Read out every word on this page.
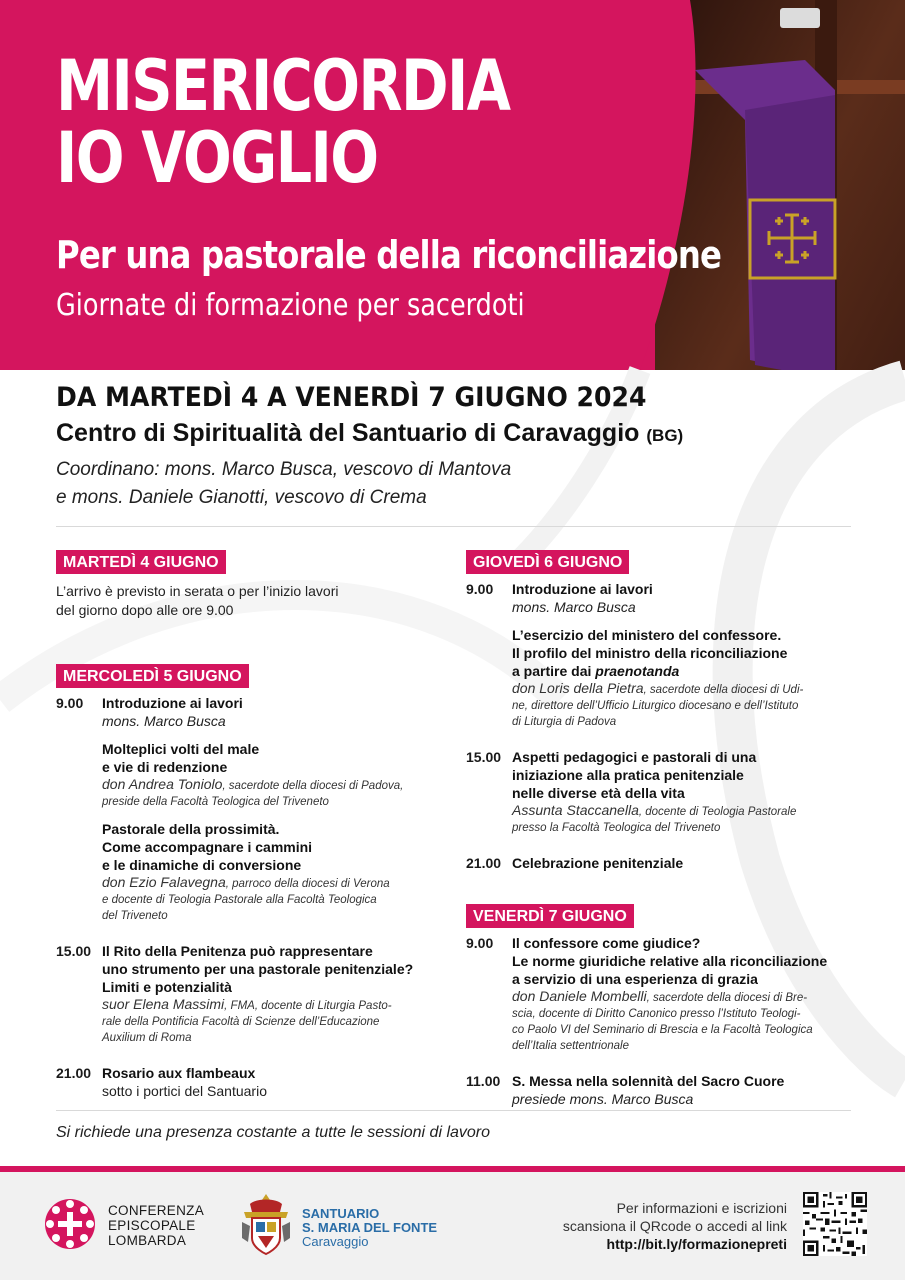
MISERICORDIA
IO VOGLIO
Per una pastorale della riconciliazione
Giornate di formazione per sacerdoti
DA MARTEDÌ 4 A VENERDÌ 7 GIUGNO 2024
Centro di Spiritualità del Santuario di Caravaggio (BG)
Coordinano: mons. Marco Busca, vescovo di Mantova
e mons. Daniele Gianotti, vescovo di Crema
MARTEDÌ 4 GIUGNO
L’arrivo è previsto in serata o per l’inizio lavori
del giorno dopo alle ore 9.00
MERCOLEDÌ 5 GIUGNO
9.00 Introduzione ai lavori
mons. Marco Busca
Molteplici volti del male
e vie di redenzione
don Andrea Toniolo, sacerdote della diocesi di Padova,
preside della Facoltà Teologica del Triveneto
Pastorale della prossimità.
Come accompagnare i cammini
e le dinamiche di conversione
don Ezio Falavegna, parroco della diocesi di Verona
e docente di Teologia Pastorale alla Facoltà Teologica
del Triveneto
15.00 Il Rito della Penitenza può rappresentare
uno strumento per una pastorale penitenziale?
Limiti e potenzialità
suor Elena Massimi, FMA, docente di Liturgia Pasto-
rale della Pontificia Facoltà di Scienze dell’Educazione
Auxilium di Roma
21.00 Rosario aux flambeaux
sotto i portici del Santuario
GIOVEDÌ 6 GIUGNO
9.00 Introduzione ai lavori
mons. Marco Busca
L’esercizio del ministero del confessore.
Il profilo del ministro della riconciliazione
a partire dai praenotanda
don Loris della Pietra, sacerdote della diocesi di Udi-
ne, direttore dell’Ufficio Liturgico diocesano e dell’Istituto
di Liturgia di Padova
15.00 Aspetti pedagogici e pastorali di una
iniziazione alla pratica penitenziale
nelle diverse età della vita
Assunta Staccanella, docente di Teologia Pastorale
presso la Facoltà Teologica del Triveneto
21.00 Celebrazione penitenziale
VENERDÌ 7 GIUGNO
9.00 Il confessore come giudice?
Le norme giuridiche relative alla riconciliazione
a servizio di una esperienza di grazia
don Daniele Mombelli, sacerdote della diocesi di Bre-
scia, docente di Diritto Canonico presso l’Istituto Teologi-
co Paolo VI del Seminario di Brescia e la Facoltà Teologica
dell’Italia settentrionale
11.00 S. Messa nella solennità del Sacro Cuore
presiede mons. Marco Busca
Si richiede una presenza costante a tutte le sessioni di lavoro
CONFERENZA
EPISCOPALE
LOMBARDA
SANTUARIO
S. MARIA DEL FONTE
Caravaggio
Per informazioni e iscrizioni
scansiona il QRcode o accedi al link
http://bit.ly/formazionepreti
